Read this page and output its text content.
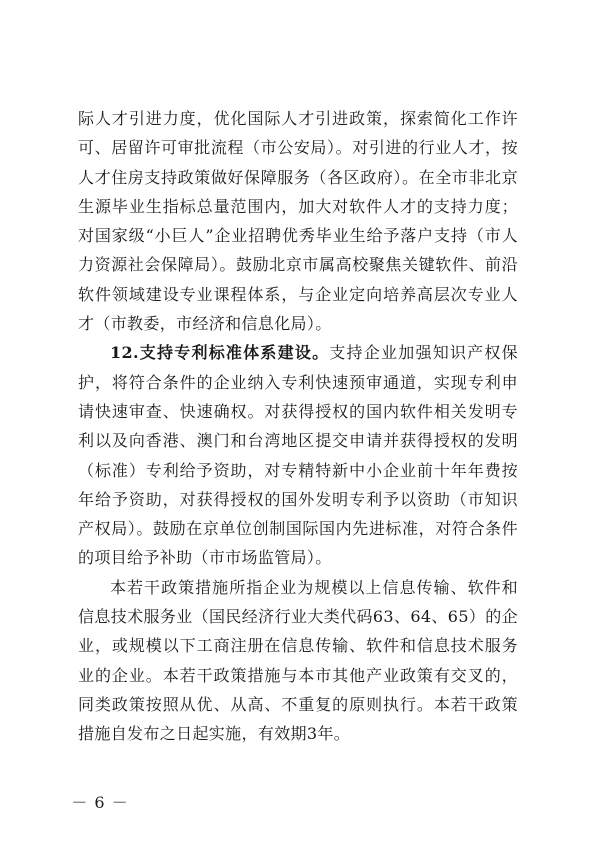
际人才引进力度，优化国际人才引进政策，探索简化工作许可、居留许可审批流程（市公安局）。对引进的行业人才，按人才住房支持政策做好保障服务（各区政府）。在全市非北京生源毕业生指标总量范围内，加大对软件人才的支持力度；对国家级“小巨人”企业招聘优秀毕业生给予落户支持（市人力资源社会保障局）。鼓励北京市属高校聚焦关键软件、前沿软件领域建设专业课程体系，与企业定向培养高层次专业人才（市教委，市经济和信息化局）。

12.支持专利标准体系建设。支持企业加强知识产权保护，将符合条件的企业纳入专利快速预审通道，实现专利申请快速审查、快速确权。对获得授权的国内软件相关发明专利以及向香港、澳门和台湾地区提交申请并获得授权的发明（标准）专利给予资助，对专精特新中小企业前十年年费按年给予资助，对获得授权的国外发明专利予以资助（市知识产权局）。鼓励在京单位创制国际国内先进标准，对符合条件的项目给予补助（市市场监管局）。

本若干政策措施所指企业为规模以上信息传输、软件和信息技术服务业（国民经济行业大类代码63、64、65）的企业，或规模以下工商注册在信息传输、软件和信息技术服务业的企业。本若干政策措施与本市其他产业政策有交叉的，同类政策按照从优、从高、不重复的原则执行。本若干政策措施自发布之日起实施，有效期3年。

－ 6 －
